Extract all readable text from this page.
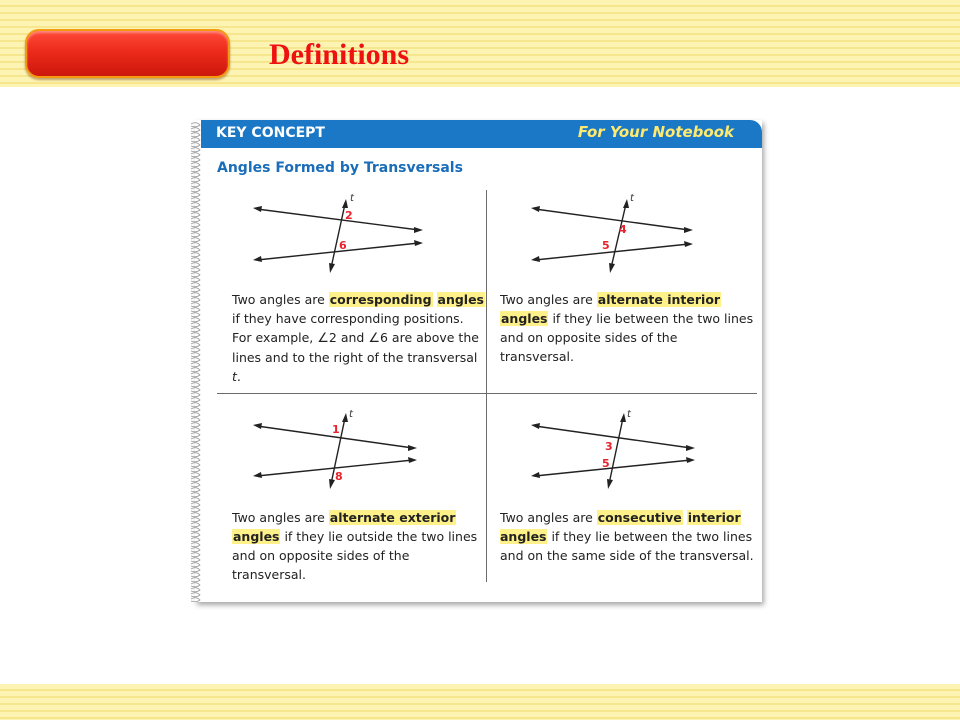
Definitions
KEY CONCEPT	For Your Notebook
Angles Formed by Transversals
t
2
6
Two angles are corresponding angles if they have corresponding positions. For example, ∠2 and ∠6 are above the lines and to the right of the transversal t.
t
4
5
Two angles are alternate interior angles if they lie between the two lines and on opposite sides of the transversal.
t
1
8
Two angles are alternate exterior angles if they lie outside the two lines and on opposite sides of the transversal.
t
3
5
Two angles are consecutive interior angles if they lie between the two lines and on the same side of the transversal.
